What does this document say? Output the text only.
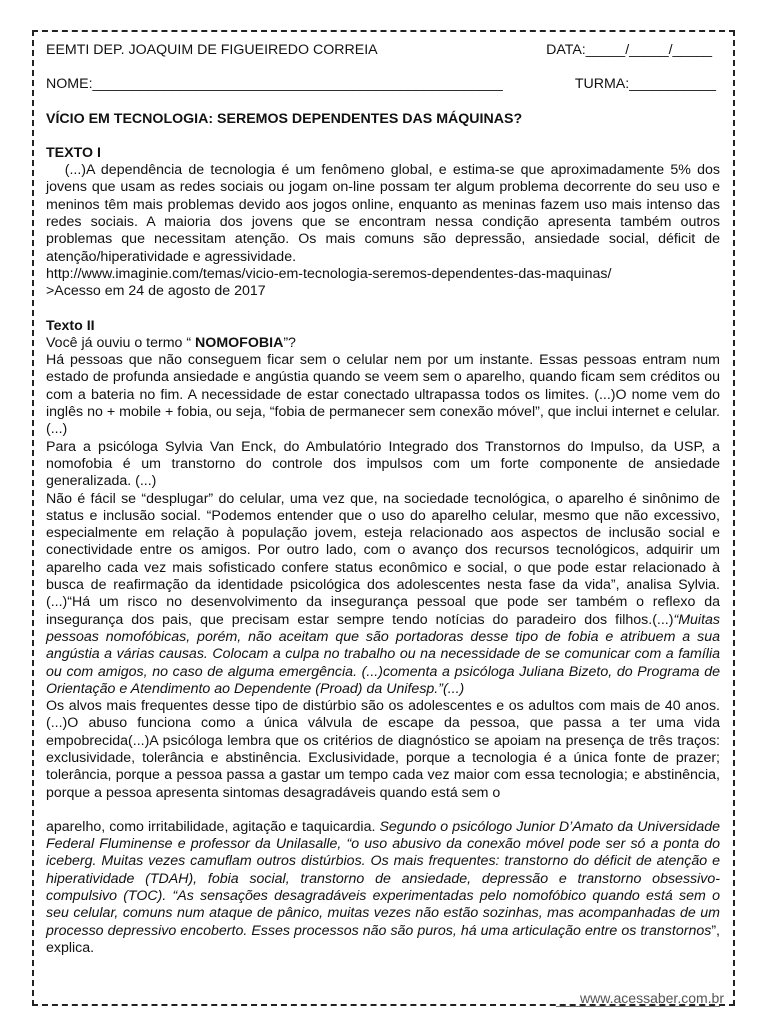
EEMTI DEP. JOAQUIM DE FIGUEIREDO CORREIA	DATA:_____/_____/_____
NOME:____________________________________________________	TURMA:___________
VÍCIO EM TECNOLOGIA: SEREMOS DEPENDENTES DAS MÁQUINAS?
TEXTO I

(...)A dependência de tecnologia é um fenômeno global, e estima-se que aproximadamente 5% dos jovens que usam as redes sociais ou jogam on-line possam ter algum problema decorrente do seu uso e meninos têm mais problemas devido aos jogos online, enquanto as meninas fazem uso mais intenso das redes sociais. A maioria dos jovens que se encontram nessa condição apresenta também outros problemas que necessitam atenção. Os mais comuns são depressão, ansiedade social, déficit de atenção/hiperatividade e agressividade.

http://www.imaginie.com/temas/vicio-em-tecnologia-seremos-dependentes-das-maquinas/
>Acesso em 24 de agosto de 2017
Texto II
Você já ouviu o termo “ NOMOFOBIA”?

Há pessoas que não conseguem ficar sem o celular nem por um instante. Essas pessoas entram num estado de profunda ansiedade e angústia quando se veem sem o aparelho, quando ficam sem créditos ou com a bateria no fim. A necessidade de estar conectado ultrapassa todos os limites. (...)O nome vem do inglês no + mobile + fobia, ou seja, “fobia de permanecer sem conexão móvel”, que inclui internet e celular.(...)

Para a psicóloga Sylvia Van Enck, do Ambulatório Integrado dos Transtornos do Impulso, da USP, a nomofobia é um transtorno do controle dos impulsos com um forte componente de ansiedade generalizada. (...)

Não é fácil se “desplugar” do celular, uma vez que, na sociedade tecnológica, o aparelho é sinônimo de status e inclusão social. “Podemos entender que o uso do aparelho celular, mesmo que não excessivo, especialmente em relação à população jovem, esteja relacionado aos aspectos de inclusão social e conectividade entre os amigos. Por outro lado, com o avanço dos recursos tecnológicos, adquirir um aparelho cada vez mais sofisticado confere status econômico e social, o que pode estar relacionado à busca de reafirmação da identidade psicológica dos adolescentes nesta fase da vida”, analisa Sylvia. (...)“Há um risco no desenvolvimento da insegurança pessoal que pode ser também o reflexo da insegurança dos pais, que precisam estar sempre tendo notícias do paradeiro dos filhos.(...)“Muitas pessoas nomofóbicas, porém, não aceitam que são portadoras desse tipo de fobia e atribuem a sua angústia a várias causas. Colocam a culpa no trabalho ou na necessidade de se comunicar com a família ou com amigos, no caso de alguma emergência. (...)comenta a psicóloga Juliana Bizeto, do Programa de Orientação e Atendimento ao Dependente (Proad) da Unifesp.”(...)

Os alvos mais frequentes desse tipo de distúrbio são os adolescentes e os adultos com mais de 40 anos. (...)O abuso funciona como a única válvula de escape da pessoa, que passa a ter uma vida empobrecida(...)A psicóloga lembra que os critérios de diagnóstico se apoiam na presença de três traços: exclusividade, tolerância e abstinência. Exclusividade, porque a tecnologia é a única fonte de prazer; tolerância, porque a pessoa passa a gastar um tempo cada vez maior com essa tecnologia; e abstinência, porque a pessoa apresenta sintomas desagradáveis quando está sem o

aparelho, como irritabilidade, agitação e taquicardia. Segundo o psicólogo Junior D’Amato da Universidade Federal Fluminense e professor da Unilasalle, “o uso abusivo da conexão móvel pode ser só a ponta do iceberg. Muitas vezes camuflam outros distúrbios. Os mais frequentes: transtorno do déficit de atenção e hiperatividade (TDAH), fobia social, transtorno de ansiedade, depressão e transtorno obsessivo-compulsivo (TOC). “As sensações desagradáveis experimentadas pelo nomofóbico quando está sem o seu celular, comuns num ataque de pânico, muitas vezes não estão sozinhas, mas acompanhadas de um processo depressivo encoberto. Esses processos não são puros, há uma articulação entre os transtornos”, explica.

www.acessaber.com.br
